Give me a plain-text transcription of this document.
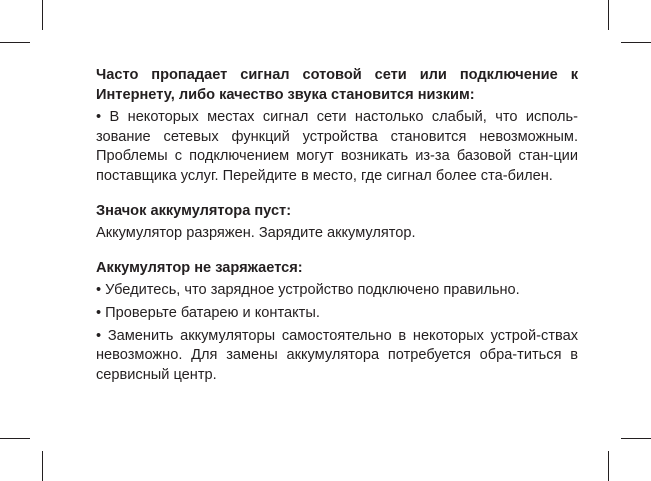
Часто пропадает сигнал сотовой сети или подключение к Интернету, либо качество звука становится низким:

• В некоторых местах сигнал сети настолько слабый, что исполь-зование сетевых функций устройства становится невозможным. Проблемы с подключением могут возникать из-за базовой стан-ции поставщика услуг. Перейдите в место, где сигнал более ста-билен.

Значок аккумулятора пуст:

Аккумулятор разряжен. Зарядите аккумулятор.

Аккумулятор не заряжается:

• Убедитесь, что зарядное устройство подключено правильно.

• Проверьте батарею и контакты.

• Заменить аккумуляторы самостоятельно в некоторых устрой-ствах невозможно. Для замены аккумулятора потребуется обра-титься в сервисный центр.
